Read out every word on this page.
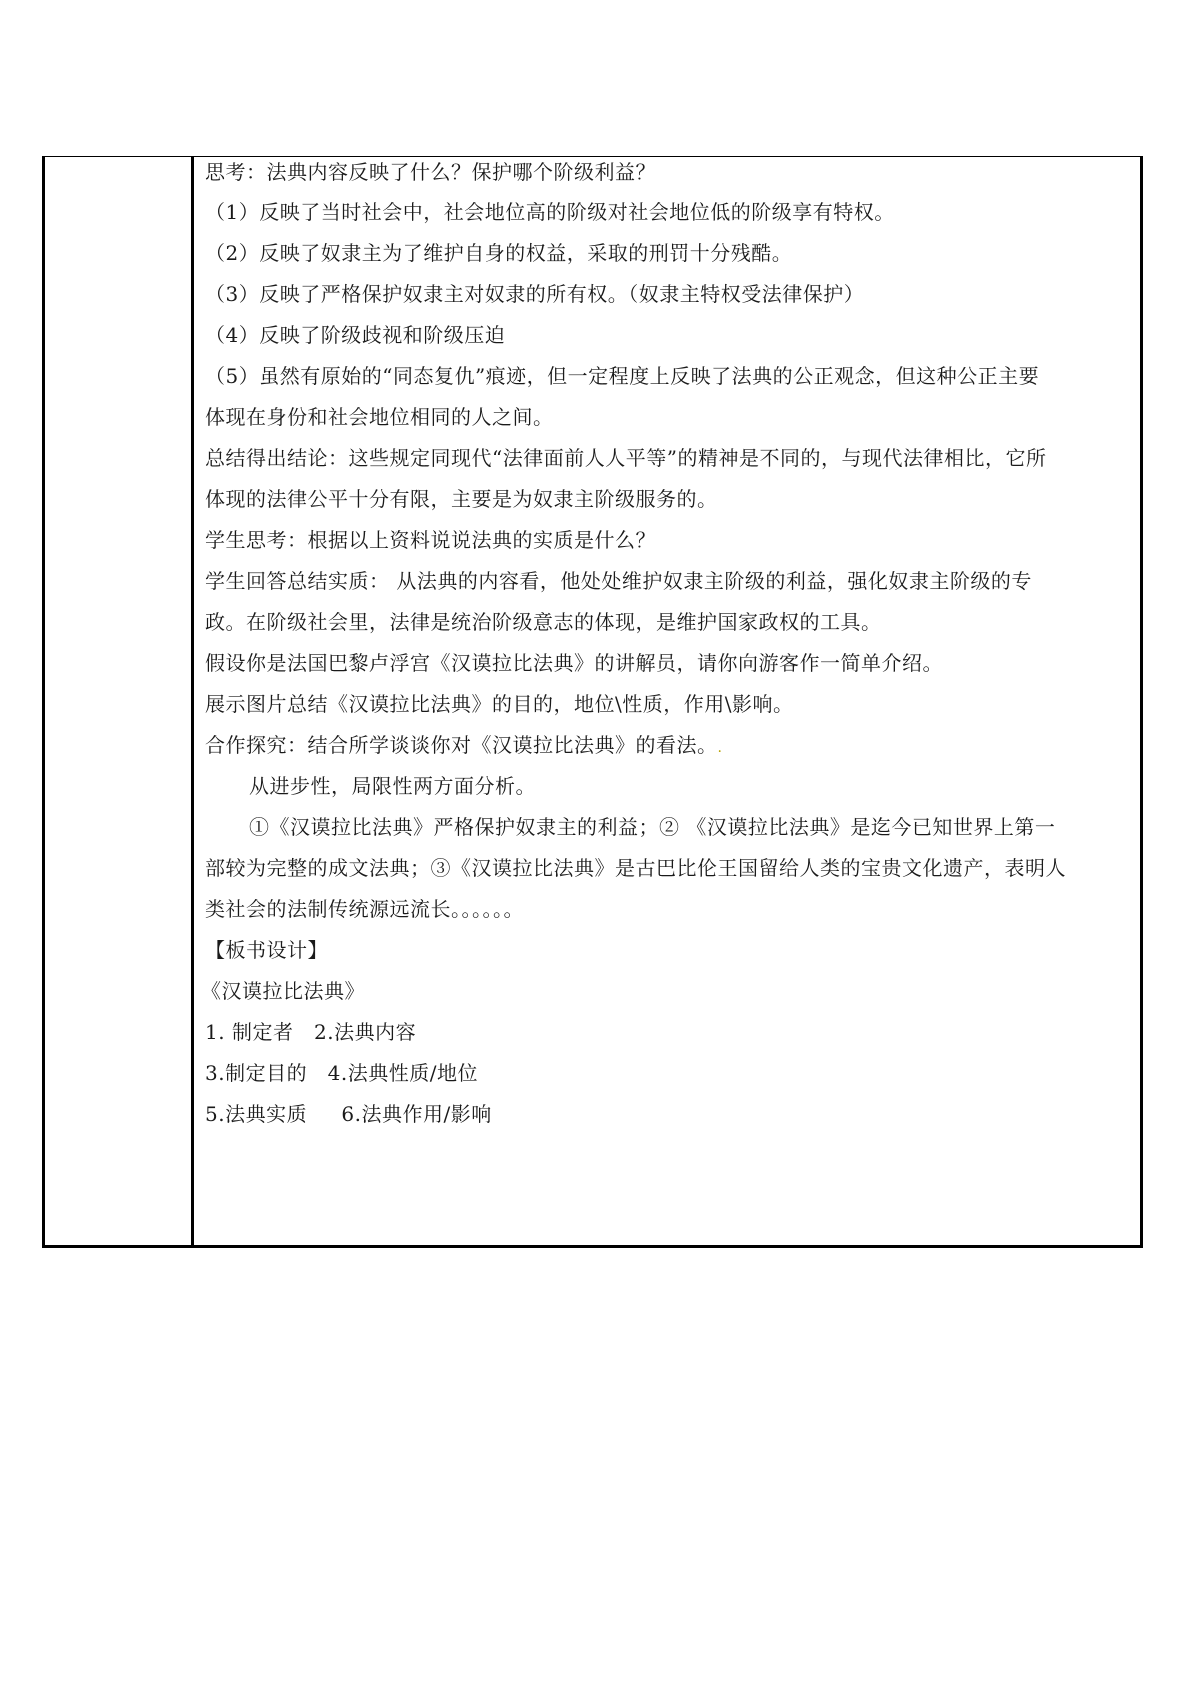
思考：法典内容反映了什么？保护哪个阶级利益？
（1）反映了当时社会中，社会地位高的阶级对社会地位低的阶级享有特权。
（2）反映了奴隶主为了维护自身的权益，采取的刑罚十分残酷。
（3）反映了严格保护奴隶主对奴隶的所有权。（奴隶主特权受法律保护）
（4）反映了阶级歧视和阶级压迫
（5）虽然有原始的“同态复仇”痕迹，但一定程度上反映了法典的公正观念，但这种公正主要
体现在身份和社会地位相同的人之间。
总结得出结论：这些规定同现代“法律面前人人平等”的精神是不同的，与现代法律相比，它所
体现的法律公平十分有限，主要是为奴隶主阶级服务的。
学生思考：根据以上资料说说法典的实质是什么？
学生回答总结实质： 从法典的内容看，他处处维护奴隶主阶级的利益，强化奴隶主阶级的专
政。在阶级社会里，法律是统治阶级意志的体现，是维护国家政权的工具。
假设你是法国巴黎卢浮宫《汉谟拉比法典》的讲解员，请你向游客作一简单介绍。
展示图片总结《汉谟拉比法典》的目的，地位\性质，作用\影响。
合作探究：结合所学谈谈你对《汉谟拉比法典》的看法。.
从进步性，局限性两方面分析。
①《汉谟拉比法典》严格保护奴隶主的利益；② 《汉谟拉比法典》是迄今已知世界上第一
部较为完整的成文法典；③《汉谟拉比法典》是古巴比伦王国留给人类的宝贵文化遗产，表明人
类社会的法制传统源远流长。。。。。。
【板书设计】
《汉谟拉比法典》
1. 制定者   2.法典内容
3.制定目的   4.法典性质/地位
5.法典实质     6.法典作用/影响
